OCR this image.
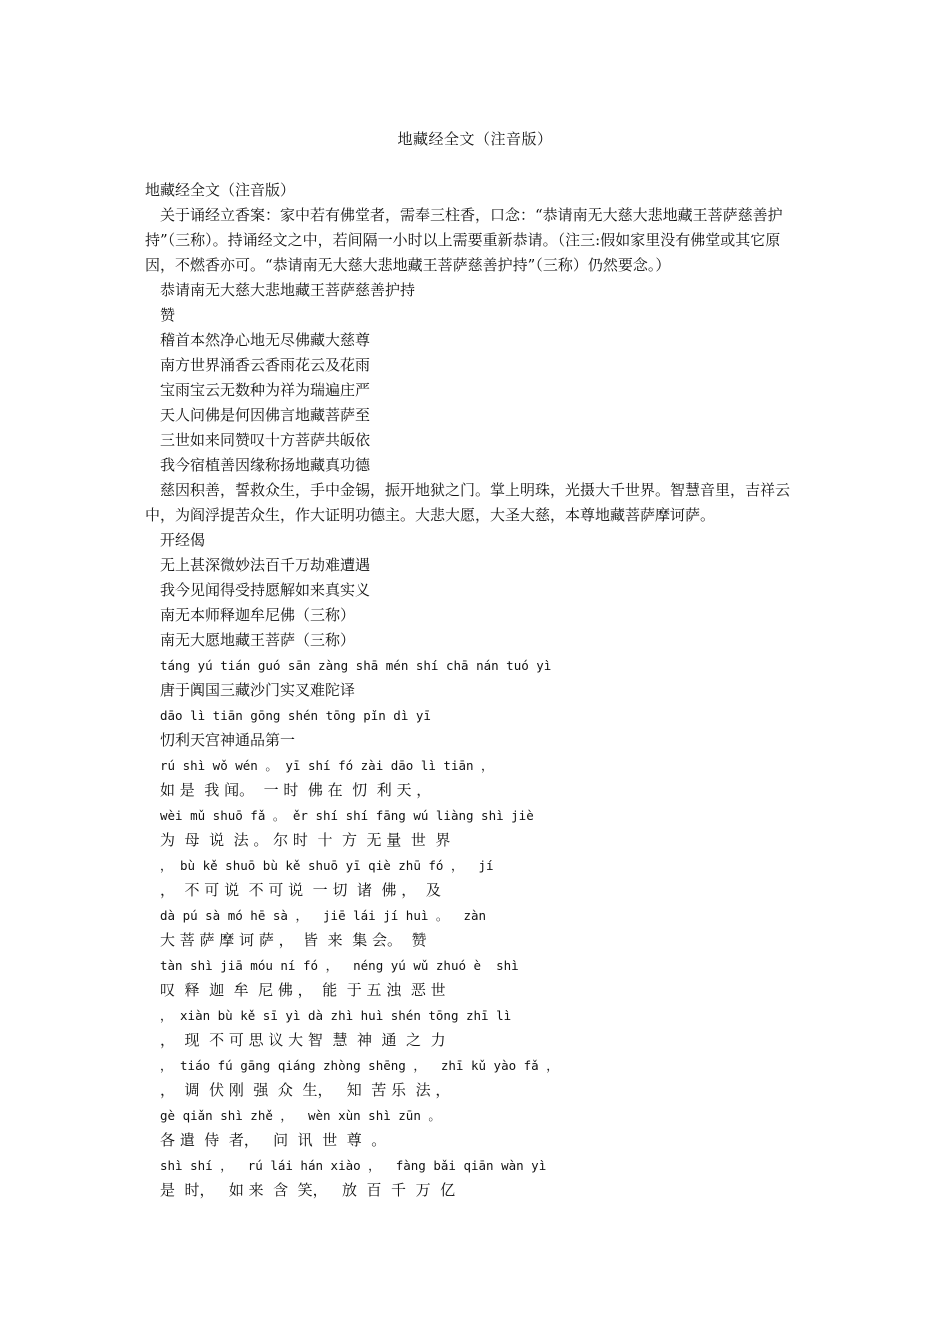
地藏经全文（注音版）

地藏经全文（注音版）

关于诵经立香案：家中若有佛堂者，需奉三柱香，口念：“恭请南无大慈大悲地藏王菩萨慈善护持”（三称）。持诵经文之中，若间隔一小时以上需要重新恭请。（注三:假如家里没有佛堂或其它原因，不燃香亦可。“恭请南无大慈大悲地藏王菩萨慈善护持”（三称）仍然要念。）

恭请南无大慈大悲地藏王菩萨慈善护持

赞

稽首本然净心地无尽佛藏大慈尊

南方世界涌香云香雨花云及花雨

宝雨宝云无数种为祥为瑞遍庄严

天人问佛是何因佛言地藏菩萨至

三世如来同赞叹十方菩萨共皈依

我今宿植善因缘称扬地藏真功德

慈因积善，誓救众生，手中金锡，振开地狱之门。掌上明珠，光摄大千世界。智慧音里，吉祥云中，为阎浮提苦众生，作大证明功德主。大悲大愿，大圣大慈，本尊地藏菩萨摩诃萨。

开经偈

无上甚深微妙法百千万劫难遭遇

我今见闻得受持愿解如来真实义

南无本师释迦牟尼佛（三称）

南无大愿地藏王菩萨（三称）

táng yú tián guó sān zàng shā mén shí chā nán tuó yì

唐于阗国三藏沙门实叉难陀译

dāo lì tiān gōng shén tōng pǐn dì yī

忉利天宫神通品第一

rú shì wǒ wén 。 yī shí fó zài dāo lì tiān ，

如 是  我 闻。  一 时  佛 在  忉  利 天 ，

wèi mǔ shuō fǎ 。 ěr shí shí fāng wú liàng shì jiè

为  母  说  法 。 尔 时  十  方  无 量  世  界

， bù kě shuō bù kě shuō yī qiè zhū fó ，  jí

，  不 可 说  不 可 说  一 切  诸  佛 ，  及

dà pú sà mó hē sà ，  jiē lái jí huì 。  zàn

大 菩 萨 摩 诃 萨 ，  皆  来  集 会。  赞

tàn shì jiā móu ní fó ，  néng yú wǔ zhuó è  shì

叹  释  迦  牟  尼 佛 ，  能  于 五 浊  恶 世

， xiàn bù kě sī yì dà zhì huì shén tōng zhī lì

，  现  不 可 思 议 大 智  慧  神  通  之  力

， tiáo fú gāng qiáng zhòng shēng ，  zhī kǔ yào fǎ ，

，  调  伏 刚  强  众  生，   知  苦 乐  法 ，

gè qiǎn shì zhě ，  wèn xùn shì zūn 。

各 遣  侍  者，   问  讯  世  尊  。

shì shí ，  rú lái hán xiào ，  fàng bǎi qiān wàn yì

是  时，   如 来  含  笑，   放  百  千  万  亿
